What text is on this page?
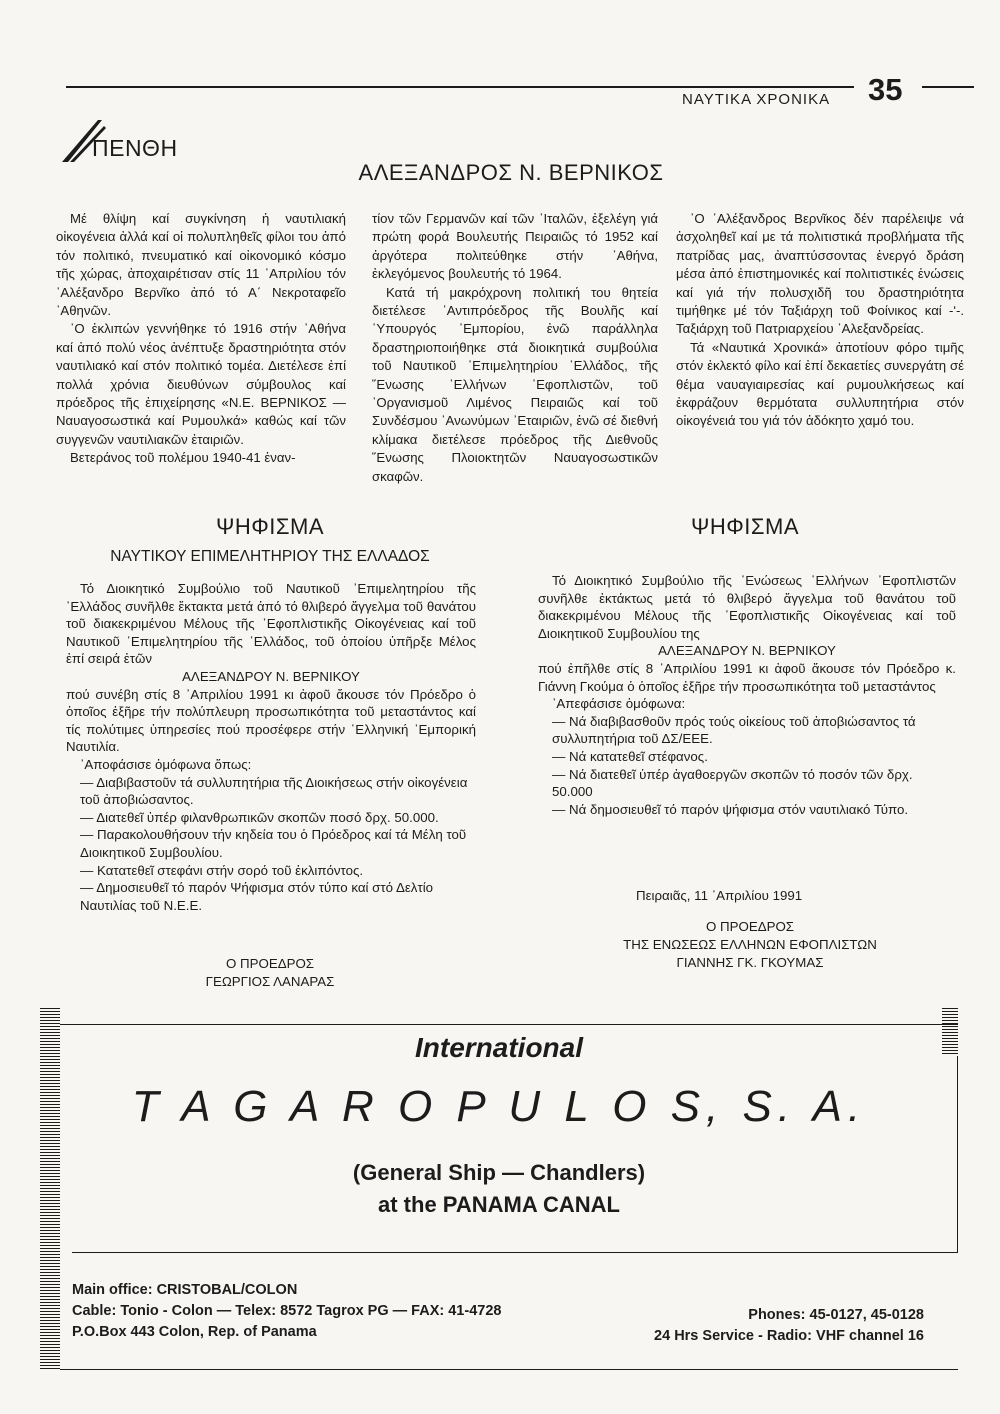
ΝΑΥΤΙΚΑ ΧΡΟΝΙΚΑ 35
ΠΕΝΘΗ
ΑΛΕΞΑΝΔΡΟΣ Ν. ΒΕΡΝΙΚΟΣ

Μέ θλίψη καί συγκίνηση ἡ ναυτιλιακή οἰκογένεια ἀλλά καί οἱ πολυπληθεῖς φίλοι του ἀπό τόν πολιτικό, πνευματικό καί οἰκονομικό κόσμο τῆς χώρας, ἀποχαιρέτισαν στίς 11 ᾿Απριλίου τόν ᾿Αλέξανδρο Βερνῖκο ἀπό τό Α΄ Νεκροταφεῖο ᾿Αθηνῶν.

᾿Ο ἐκλιπών γεννήθηκε τό 1916 στήν ᾿Αθήνα καί ἀπό πολύ νέος ἀνέπτυξε δραστηριότητα στόν ναυτιλιακό καί στόν πολιτικό τομέα. Διετέλεσε ἐπί πολλά χρόνια διευθύνων σύμβουλος καί πρόεδρος τῆς ἐπιχείρησης «Ν.Ε. ΒΕΡΝΙΚΟΣ — Ναυαγοσωστικά καί Ρυμουλκά» καθώς καί τῶν συγγενῶν ναυτιλιακῶν ἑταιριῶν.

Βετεράνος τοῦ πολέμου 1940-41 ἐναν-

τίον τῶν Γερμανῶν καί τῶν ᾿Ιταλῶν, ἐξελέγη γιά πρώτη φορά Βουλευτής Πειραιῶς τό 1952 καί ἀργότερα πολιτεύθηκε στήν ᾿Αθήνα, ἐκλεγόμενος βουλευτής τό 1964.

Κατά τή μακρόχρονη πολιτική του θητεία διετέλεσε ᾿Αντιπρόεδρος τῆς Βουλῆς καί ῾Υπουργός ᾿Εμπορίου, ἐνῶ παράλληλα δραστηριοποιήθηκε στά διοικητικά συμβούλια τοῦ Ναυτικοῦ ᾿Επιμελητηρίου ῾Ελλάδος, τῆς ῞Ενωσης ῾Ελλήνων ᾿Εφοπλιστῶν, τοῦ ᾿Οργανισμοῦ Λιμένος Πειραιῶς καί τοῦ Συνδέσμου ᾿Ανωνύμων ᾿Εταιριῶν, ἐνῶ σέ διεθνή κλίμακα διετέλεσε πρόεδρος τῆς Διεθνοῦς ῞Ενωσης Πλοιοκτητῶν Ναυαγοσωστικῶν σκαφῶν.

᾿Ο ᾿Αλέξανδρος Βερνῖκος δέν παρέλειψε νά ἀσχοληθεῖ καί με τά πολιτιστικά προβλήματα τῆς πατρίδας μας, ἀναπτύσσοντας ἐνεργό δράση μέσα ἀπό ἐπιστημονικές καί πολιτιστικές ἑνώσεις καί γιά τήν πολυσχιδῆ του δραστηριότητα τιμήθηκε μέ τόν Ταξιάρχη τοῦ Φοίνικος καί -ʹ-. Ταξιάρχη τοῦ Πατριαρχείου ᾿Αλεξανδρείας.

Τά «Ναυτικά Χρονικά» ἀποτίουν φόρο τιμῆς στόν ἐκλεκτό φίλο καί ἐπί δεκαετίες συνεργάτη σέ θέμα ναυαγιαιρεσίας καί ρυμουλκήσεως καί ἐκφράζουν θερμότατα συλλυπητήρια στόν οἰκογένειά του γιά τόν ἀδόκητο χαμό του.

ΨΗΦΙΣΜΑ
ΝΑΥΤΙΚΟΥ ΕΠΙΜΕΛΗΤΗΡΙΟΥ ΤΗΣ ΕΛΛΑΔΟΣ

Τό Διοικητικό Συμβούλιο τοῦ Ναυτικοῦ ᾿Επιμελητηρίου τῆς ῾Ελλάδος συνῆλθε ἔκτακτα μετά ἀπό τό θλιβερό ἄγγελμα τοῦ θανάτου τοῦ διακεκριμένου Μέλους τῆς ᾿Εφοπλιστικῆς Οἰκογένειας καί τοῦ Ναυτικοῦ ᾿Επιμελητηρίου τῆς ῾Ελλάδος, τοῦ ὁποίου ὑπῆρξε Μέλος ἐπί σειρά ἐτῶν

ΑΛΕΞΑΝΔΡΟΥ Ν. ΒΕΡΝΙΚΟΥ

πού συνέβη στίς 8 ᾿Απριλίου 1991 κι ἀφοῦ ἄκουσε τόν Πρόεδρο ὁ ὁποῖος ἐξῆρε τήν πολύπλευρη προσωπικότητα τοῦ μεταστάντος καί τίς πολύτιμες ὑπηρεσίες πού προσέφερε στήν ῾Ελληνική ᾿Εμπορική Ναυτιλία.

᾿Αποφάσισε ὁμόφωνα ὅπως:

— Διαβιβαστοῦν τά συλλυπητήρια τῆς Διοικήσεως στήν οἰκογένεια τοῦ ἀποβιώσαντος.

— Διατεθεῖ ὑπέρ φιλανθρωπικῶν σκοπῶν ποσό δρχ. 50.000.

— Παρακολουθήσουν τήν κηδεία του ὁ Πρόεδρος καί τά Μέλη τοῦ Διοικητικοῦ Συμβουλίου.

— Κατατεθεῖ στεφάνι στήν σορό τοῦ ἐκλιπόντος.

— Δημοσιευθεῖ τό παρόν Ψήφισμα στόν τύπο καί στό Δελτίο Ναυτιλίας τοῦ Ν.Ε.Ε.

Ο ΠΡΟΕΔΡΟΣ
ΓΕΩΡΓΙΟΣ ΛΑΝΑΡΑΣ
ΨΗΦΙΣΜΑ

Τό Διοικητικό Συμβούλιο τῆς ῾Ενώσεως ῾Ελλήνων ᾿Εφοπλιστῶν συνῆλθε ἐκτάκτως μετά τό θλιβερό ἄγγελμα τοῦ θανάτου τοῦ διακεκριμένου Μέλους τῆς ᾿Εφοπλιστικῆς Οἰκογένειας καί τοῦ Διοικητικοῦ Συμβουλίου της

ΑΛΕΞΑΝΔΡΟΥ Ν. ΒΕΡΝΙΚΟΥ

πού ἐπῆλθε στίς 8 ᾿Απριλίου 1991 κι ἀφοῦ ἄκουσε τόν Πρόεδρο κ. Γιάννη Γκούμα ὁ ὁποῖος ἐξῆρε τήν προσωπικότητα τοῦ μεταστάντος

᾿Απεφάσισε ὁμόφωνα:

— Νά διαβιβασθοῦν πρός τούς οἰκείους τοῦ ἀποβιώσαντος τά συλλυπητήρια τοῦ ΔΣ/ΕΕΕ.

— Νά κατατεθεῖ στέφανος.

— Νά διατεθεῖ ὑπέρ ἀγαθοεργῶν σκοπῶν τό ποσόν τῶν δρχ. 50.000

— Νά δημοσιευθεῖ τό παρόν ψήφισμα στόν ναυτιλιακό Τύπο.

Πειραιᾶς, 11 ᾿Απριλίου 1991
Ο ΠΡΟΕΔΡΟΣ
ΤΗΣ ΕΝΩΣΕΩΣ ΕΛΛΗΝΩΝ ΕΦΟΠΛΙΣΤΩΝ
ΓΙΑΝΝΗΣ ΓΚ. ΓΚΟΥΜΑΣ
International
T A G A R O P U L O S, S. A.
(General Ship — Chandlers)
at the PANAMA CANAL
Main office: CRISTOBAL/COLON
Cable: Tonio - Colon — Telex: 8572 Tagrox PG — FAX: 41-4728
P.O.Box 443 Colon, Rep. of Panama
Phones: 45-0127, 45-0128
24 Hrs Service - Radio: VHF channel 16
